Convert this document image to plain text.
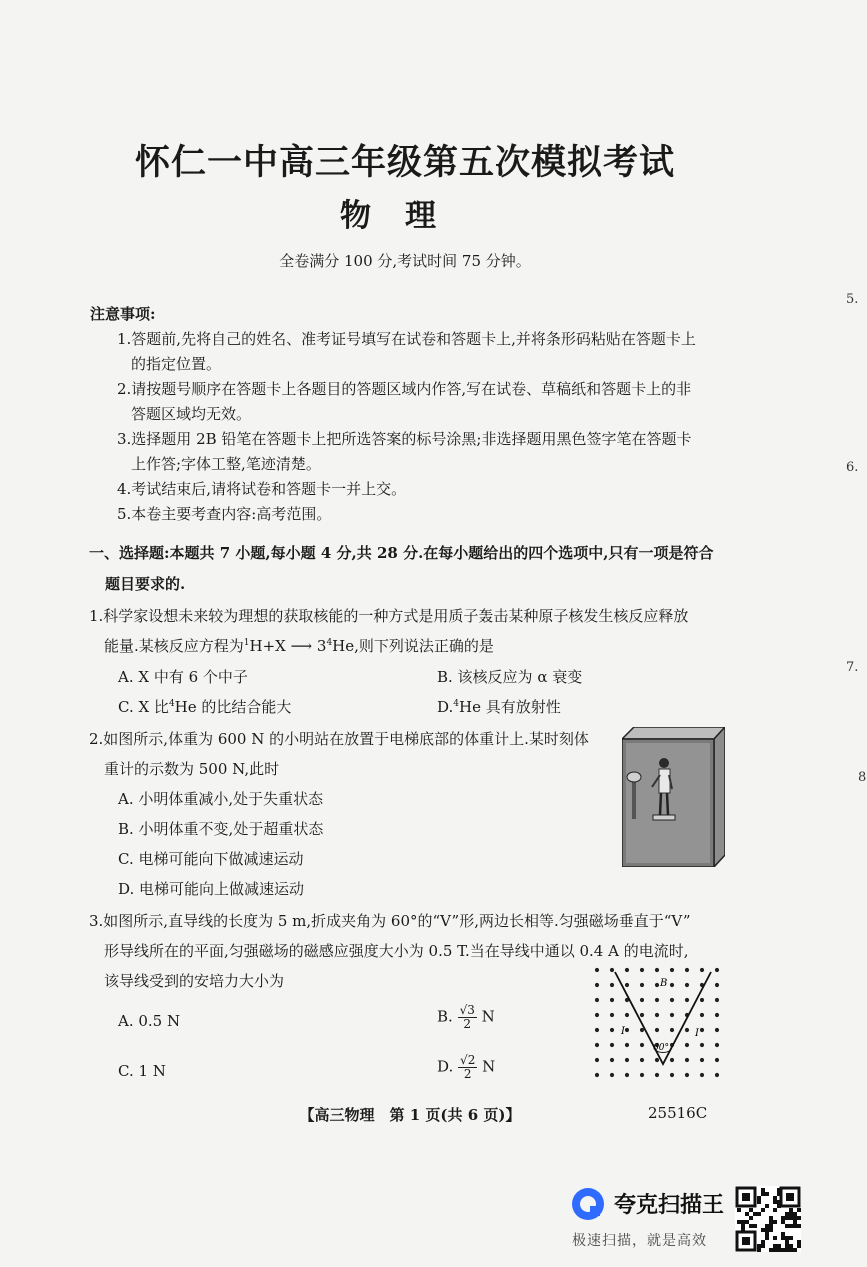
怀仁一中高三年级第五次模拟考试
物理
全卷满分 100 分,考试时间 75 分钟。
注意事项:
1.答题前,先将自己的姓名、准考证号填写在试卷和答题卡上,并将条形码粘贴在答题卡上
的指定位置。
2.请按题号顺序在答题卡上各题目的答题区域内作答,写在试卷、草稿纸和答题卡上的非
答题区域均无效。
3.选择题用 2B 铅笔在答题卡上把所选答案的标号涂黑;非选择题用黑色签字笔在答题卡
上作答;字体工整,笔迹清楚。
4.考试结束后,请将试卷和答题卡一并上交。
5.本卷主要考查内容:高考范围。
一、选择题:本题共 7 小题,每小题 4 分,共 28 分.在每小题给出的四个选项中,只有一项是符合
题目要求的.
1.科学家设想未来较为理想的获取核能的一种方式是用质子轰击某种原子核发生核反应释放
能量.某核反应方程为$^1$H+X ⟶ $3^4He$,则下列说法正确的是
A. X 中有 6 个中子	B. 该核反应为 α 衰变
C. X 比$^4$He 的比结合能大	D.$^4$He 具有放射性
2.如图所示,体重为 600 N 的小明站在放置于电梯底部的体重计上.某时刻体
重计的示数为 500 N,此时
A. 小明体重减小,处于失重状态
B. 小明体重不变,处于超重状态
C. 电梯可能向下做减速运动
D. 电梯可能向上做减速运动
3.如图所示,直导线的长度为 5 m,折成夹角为 60°的“V”形,两边长相等.匀强磁场垂直于“V”
形导线所在的平面,匀强磁场的磁感应强度大小为 0.5 T.当在导线中通以 0.4 A 的电流时,
该导线受到的安培力大小为
A. 0.5 N	B. $\frac{√3}{2}$ N
C. 1 N	D. $\frac{√2}{2}$ N
60°
B
I	I
【高三物理　第 1 页(共 6 页)】	25516C
5.
6.
7.
8
夸克扫描王
极速扫描，就是高效
